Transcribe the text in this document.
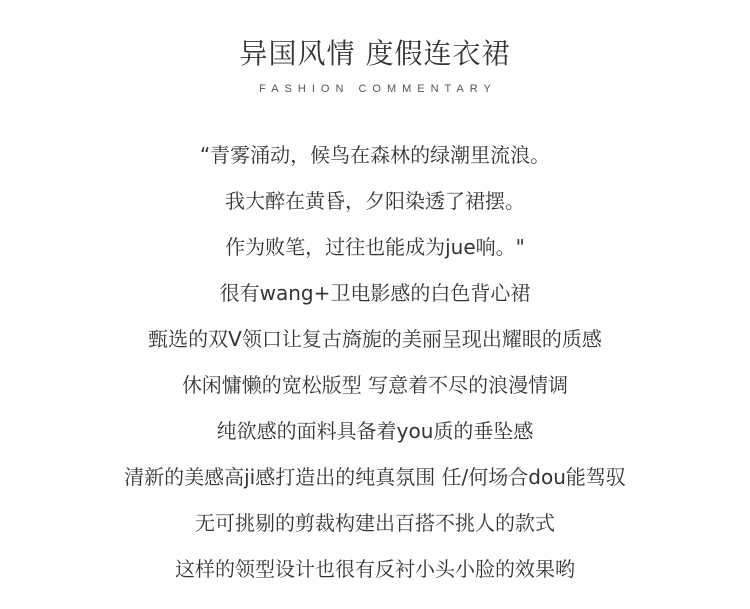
异国风情 度假连衣裙
FASHION COMMENTARY
“青雾涌动，候鸟在森林的绿潮里流浪。
我大醉在黄昏，夕阳染透了裙摆。
作为败笔，过往也能成为jue响。"
很有wang+卫电影感的白色背心裙
甄选的双V领口让复古旖旎的美丽呈现出耀眼的质感
休闲慵懒的宽松版型 写意着不尽的浪漫情调
纯欲感的面料具备着you质的垂坠感
清新的美感高ji感打造出的纯真氛围 任/何场合dou能驾驭
无可挑剔的剪裁构建出百搭不挑人的款式
这样的领型设计也很有反衬小头小脸的效果哟
